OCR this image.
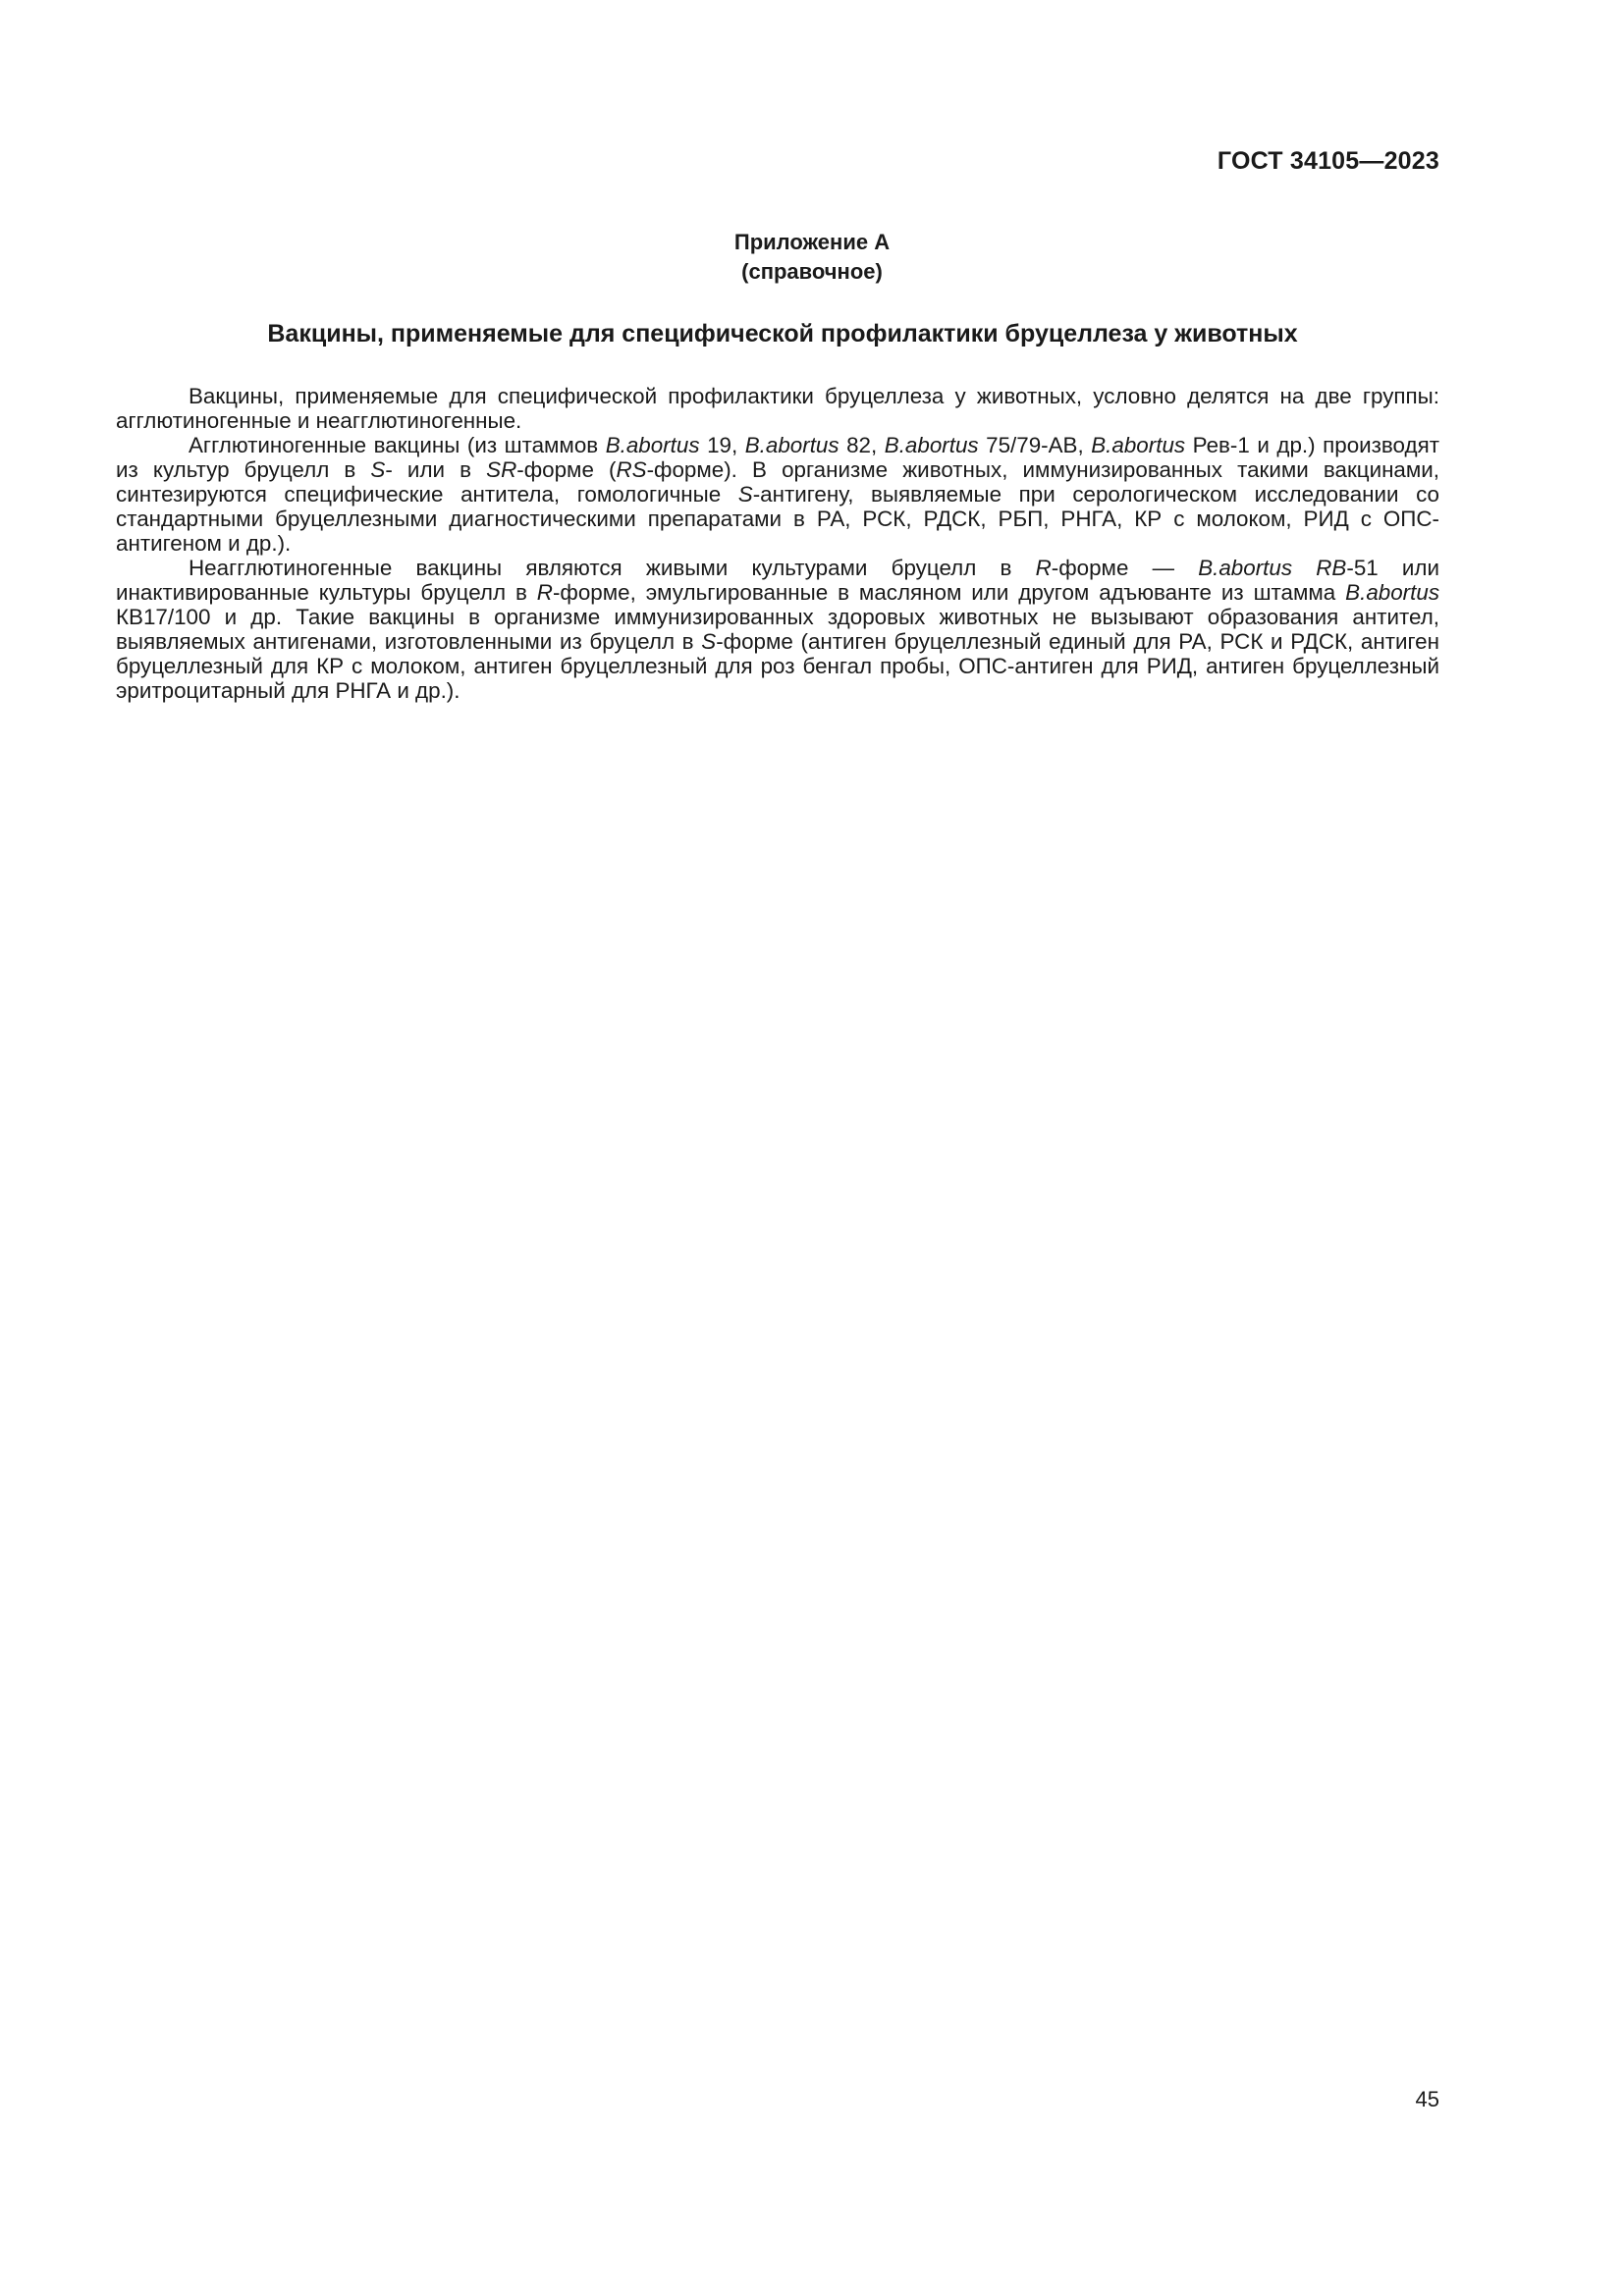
ГОСТ 34105—2023
Приложение А
(справочное)
Вакцины, применяемые для специфической профилактики бруцеллеза у животных

Вакцины, применяемые для специфической профилактики бруцеллеза у животных, условно делятся на две группы: агглютиногенные и неагглютиногенные.

Агглютиногенные вакцины (из штаммов B.abortus 19, B.abortus 82, B.abortus 75/79-АВ, B.abortus Рев-1 и др.) производят из культур бруцелл в S- или в SR-форме (RS-форме). В организме животных, иммунизированных такими вакцинами, синтезируются специфические антитела, гомологичные S-антигену, выявляемые при серологическом исследовании со стандартными бруцеллезными диагностическими препаратами в РА, РСК, РДСК, РБП, РНГА, КР с молоком, РИД с ОПС-антигеном и др.).

Неагглютиногенные вакцины являются живыми культурами бруцелл в R-форме — B.abortus RB-51 или инактивированные культуры бруцелл в R-форме, эмульгированные в масляном или другом адъюванте из штамма B.abortus КВ17/100 и др. Такие вакцины в организме иммунизированных здоровых животных не вызывают образования антител, выявляемых антигенами, изготовленными из бруцелл в S-форме (антиген бруцеллезный единый для РА, РСК и РДСК, антиген бруцеллезный для КР с молоком, антиген бруцеллезный для роз бенгал пробы, ОПС-антиген для РИД, антиген бруцеллезный эритроцитарный для РНГА и др.).

45
